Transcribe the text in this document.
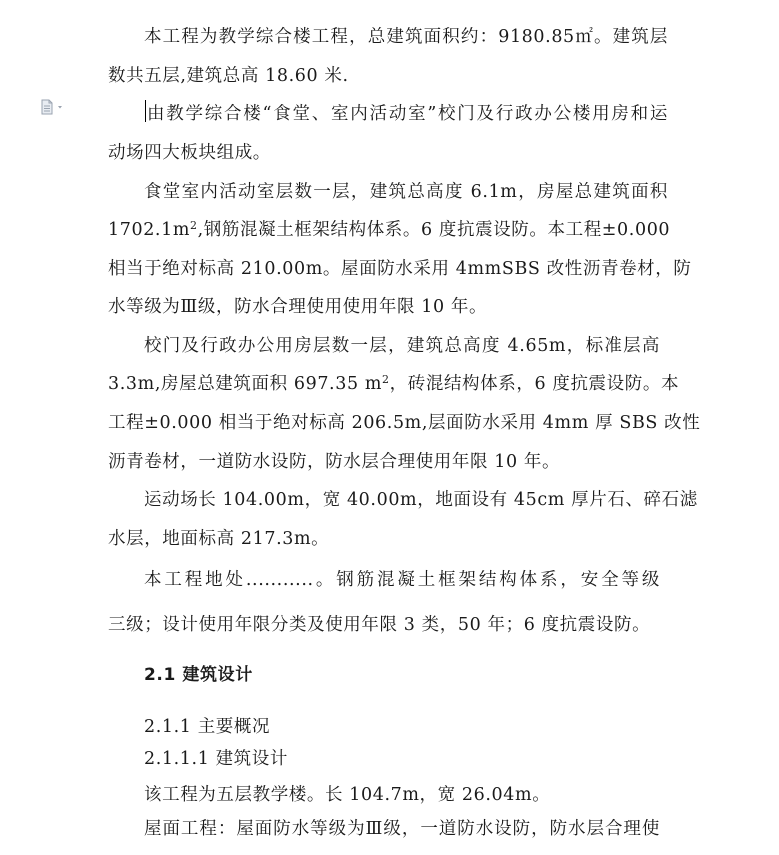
本工程为教学综合楼工程，总建筑面积约：9180.85㎡。建筑层
数共五层,建筑总高 18.60 米.
由教学综合楼“食堂、室内活动室”校门及行政办公楼用房和运
动场四大板块组成。
食堂室内活动室层数一层，建筑总高度 6.1m，房屋总建筑面积
$1702.1m^2$,钢筋混凝土框架结构体系。6 度抗震设防。本工程±0.000
相当于绝对标高 210.00m。屋面防水采用 4mmSBS 改性沥青卷材，防
水等级为Ⅲ级，防水合理使用使用年限 10 年。
校门及行政办公用房层数一层，建筑总高度 4.65m，标准层高
3.3m,房屋总建筑面积 697.35 $m^2$，砖混结构体系，6 度抗震设防。本
工程±0.000 相当于绝对标高 206.5m,层面防水采用 4mm 厚 SBS 改性
沥青卷材，一道防水设防，防水层合理使用年限 10 年。
运动场长 104.00m，宽 40.00m，地面设有 45cm 厚片石、碎石滤
水层，地面标高 217.3m。
本工程地处...........。钢筋混凝土框架结构体系，安全等级
三级；设计使用年限分类及使用年限 3 类，50 年；6 度抗震设防。
2.1 建筑设计
2.1.1 主要概况
2.1.1.1 建筑设计
该工程为五层教学楼。长 104.7m，宽 26.04m。
屋面工程：屋面防水等级为Ⅲ级，一道防水设防，防水层合理使
